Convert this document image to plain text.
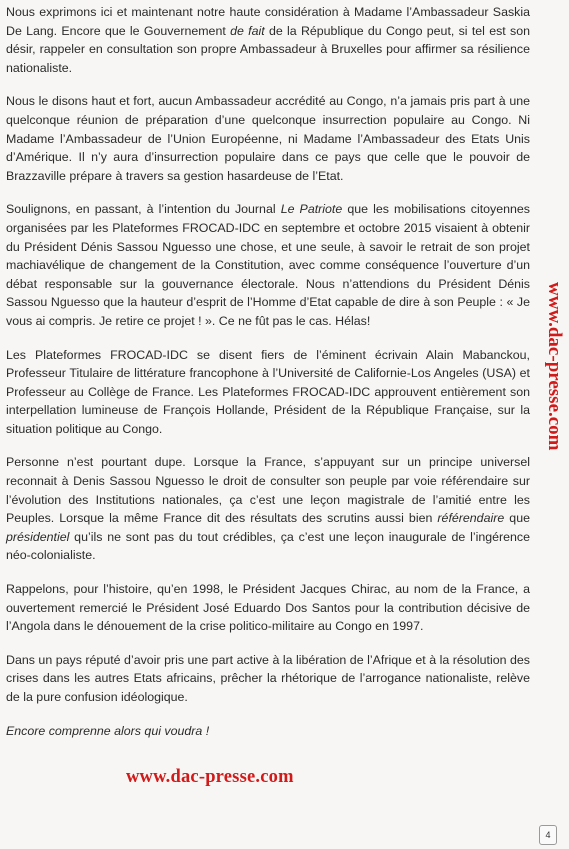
Nous exprimons ici et maintenant notre haute considération à Madame l’Ambassadeur Saskia De Lang. Encore que le Gouvernement de fait de la République du Congo peut, si tel est son désir, rappeler en consultation son propre Ambassadeur à Bruxelles pour affirmer sa résilience nationaliste.

Nous le disons haut et fort, aucun Ambassadeur accrédité au Congo, n’a jamais pris part à une quelconque réunion de préparation d’une quelconque insurrection populaire au Congo. Ni Madame l’Ambassadeur de l’Union Européenne, ni Madame l’Ambassadeur des Etats Unis d’Amérique. Il n’y aura d’insurrection populaire dans ce pays que celle que le pouvoir de Brazzaville prépare à travers sa gestion hasardeuse de l’Etat.

Soulignons, en passant, à l’intention du Journal Le Patriote que les mobilisations citoyennes organisées par les Plateformes FROCAD-IDC en septembre et octobre 2015 visaient à obtenir du Président Dénis Sassou Nguesso une chose, et une seule, à savoir le retrait de son projet machiavélique de changement de la Constitution, avec comme conséquence l’ouverture d’un débat responsable sur la gouvernance électorale. Nous n’attendions du Président Dénis Sassou Nguesso que la hauteur d’esprit de l’Homme d’Etat capable de dire à son Peuple : « Je vous ai compris. Je retire ce projet ! ». Ce ne fût pas le cas. Hélas!

Les Plateformes FROCAD-IDC se disent fiers de l’éminent écrivain Alain Mabanckou, Professeur Titulaire de littérature francophone à l’Université de Californie-Los Angeles (USA) et Professeur au Collège de France. Les Plateformes FROCAD-IDC approuvent entièrement son interpellation lumineuse de François Hollande, Président de la République Française, sur la situation politique au Congo.

Personne n’est pourtant dupe. Lorsque la France, s’appuyant sur un principe universel reconnait à Denis Sassou Nguesso le droit de consulter son peuple par voie référendaire sur l’évolution des Institutions nationales, ça c’est une leçon magistrale de l’amitié entre les Peuples. Lorsque la même France dit des résultats des scrutins aussi bien référendaire que présidentiel qu’ils ne sont pas du tout crédibles, ça c’est une leçon inaugurale de l’ingérence néo-colonialiste.

Rappelons, pour l’histoire, qu’en 1998, le Président Jacques Chirac, au nom de la France, a ouvertement remercié le Président José Eduardo Dos Santos pour la contribution décisive de l’Angola dans le dénouement de la crise politico-militaire au Congo en 1997.

Dans un pays réputé d’avoir pris une part active à la libération de l’Afrique et à la résolution des crises dans les autres Etats africains, prêcher la rhétorique de l’arrogance nationaliste, relève de la pure confusion idéologique.

Encore comprenne alors qui voudra !

www.dac-presse.com
www.dac-presse.com
4
